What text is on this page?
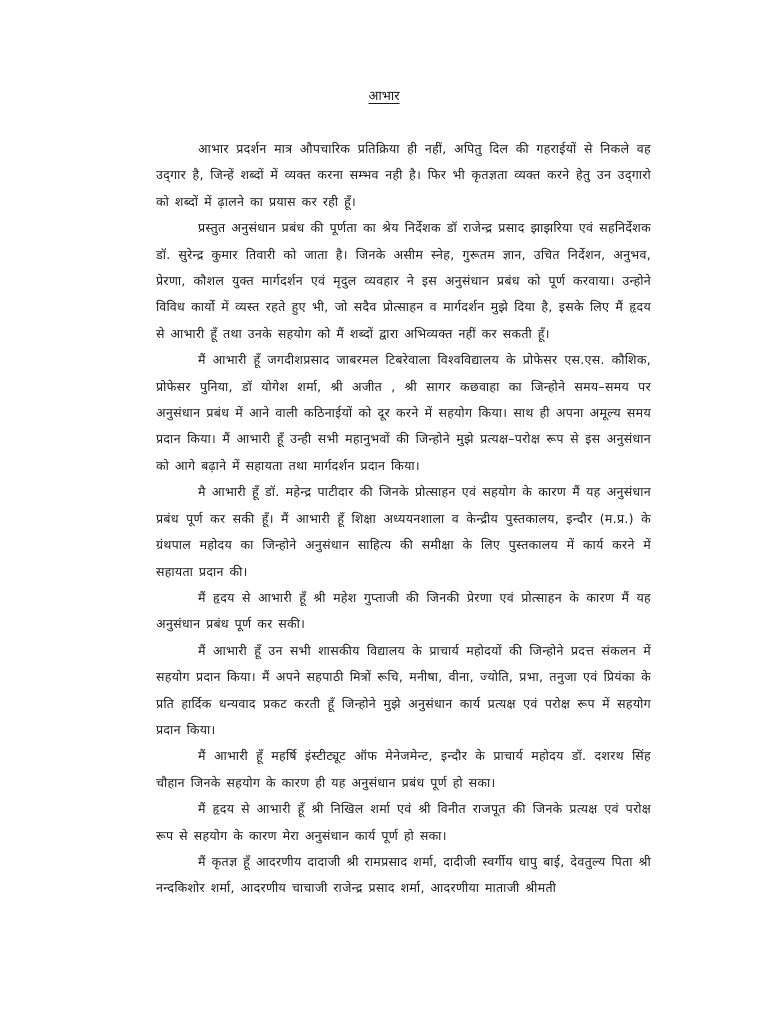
आभार

आभार प्रदर्शन मात्र औपचारिक प्रतिक्रिया ही नहीं, अपितु दिल की गहराईयों से निकले वह उद्‌गार है, जिन्हें शब्दों में व्यक्त करना सम्भव नही है। फिर भी कृतज्ञता व्यक्त करने हेतु उन उद्‌गारो को शब्दों में ढ़ालने का प्रयास कर रही हूँ।

प्रस्तुत अनुसंधान प्रबंध की पूर्णता का श्रेय निर्देशक डॉ राजेन्द्र प्रसाद झाझरिया एवं सहनिर्देशक डॉ. सुरेन्द्र कुमार तिवारी को जाता है। जिनके असीम स्नेह, गुरूतम ज्ञान, उचित निर्देशन, अनुभव, प्रेरणा, कौशल युक्त मार्गदर्शन एवं मृदुल व्यवहार ने इस अनुसंधान प्रबंध को पूर्ण करवाया। उन्होने विविध कार्यो में व्यस्त रहते हुए भी, जो सदैव प्रोत्साहन व मार्गदर्शन मुझे दिया है, इसके लिए मैं हृदय से आभारी हूँ तथा उनके सहयोग को मैं शब्दों द्वारा अभिव्यक्त नहीं कर सकती हूँ।

मैं आभारी हूँ जगदीशप्रसाद जाबरमल टिबरेवाला विश्वविद्यालय के प्रोफेसर एस.एस. कौशिक, प्रोफेसर पुनिया, डॉ योगेश शर्मा, श्री अजीत , श्री सागर कछवाहा का जिन्होने समय–समय पर अनुसंधान प्रबंध में आने वाली कठिनाईयों को दूर करने में सहयोग किया। साथ ही अपना अमूल्य समय प्रदान किया। मैं आभारी हूँ उन्ही सभी महानुभवों की जिन्होने मुझे प्रत्यक्ष–परोक्ष रूप से इस अनुसंधान को आगे बढ़ाने में सहायता तथा मार्गदर्शन प्रदान किया।

मै आभारी हूँ डॉ. महेन्द्र पाटीदार की जिनके प्रोत्साहन एवं सहयोग के कारण मैं यह अनुसंधान प्रबंध पूर्ण कर सकी हूँ। मैं आभारी हूँ शिक्षा अध्ययनशाला व केन्द्रीय पुस्तकालय, इन्दौर (म.प्र.) के ग्रंथपाल महोदय का जिन्होने अनुसंधान साहित्य की समीक्षा के लिए पुस्तकालय में कार्य करने में सहायता प्रदान की।

मैं हृदय से आभारी हूँ श्री महेश गुप्ताजी की जिनकी प्रेरणा एवं प्रोत्साहन के कारण मैं यह अनुसंधान प्रबंध पूर्ण कर सकी।

मैं आभारी हूँ उन सभी शासकीय विद्यालय के प्राचार्य महोदयों की जिन्होने प्रदत्त संकलन में सहयोग प्रदान किया। मैं अपने सहपाठी मित्रों रूचि, मनीषा, वीना, ज्योति, प्रभा, तनुजा एवं प्रियंका के प्रति हार्दिक धन्यवाद प्रकट करती हूँ जिन्होने मुझे अनुसंधान कार्य प्रत्यक्ष एवं परोक्ष रूप में सहयोग प्रदान किया।

मैं आभारी हूँ महर्षि इंस्टीट्यूट ऑफ मेनेजमेन्ट, इन्दौर के प्राचार्य महोदय डॉ. दशरथ सिंह चौहान जिनके सहयोग के कारण ही यह अनुसंधान प्रबंध पूर्ण हो सका।

मैं हृदय से आभारी हूँ श्री निखिल शर्मा एवं श्री विनीत राजपूत की जिनके प्रत्यक्ष एवं परोक्ष रूप से सहयोग के कारण मेरा अनुसंधान कार्य पूर्ण हो सका।

मैं कृतज्ञ हूँ आदरणीय दादाजी श्री रामप्रसाद शर्मा, दादीजी स्वर्गीय धापु बाई, देवतुल्य पिता श्री नन्दकिशोर शर्मा, आदरणीय चाचाजी राजेन्द्र प्रसाद शर्मा, आदरणीया माताजी श्रीमती
